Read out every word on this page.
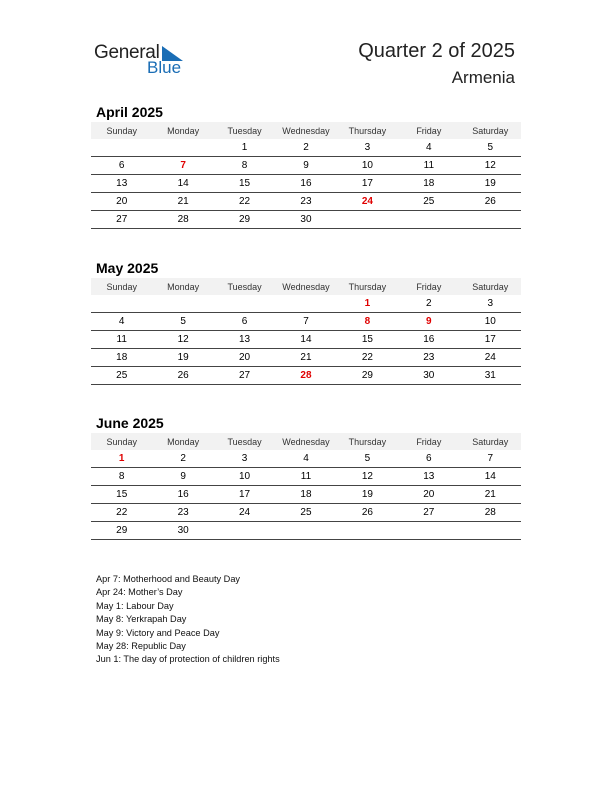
General
Blue
Quarter 2 of 2025
Armenia
April 2025
Sunday	Monday	Tuesday	Wednesday	Thursday	Friday	Saturday
		1	2	3	4	5
6	7	8	9	10	11	12
13	14	15	16	17	18	19
20	21	22	23	24	25	26
27	28	29	30			
May 2025
Sunday	Monday	Tuesday	Wednesday	Thursday	Friday	Saturday
				1	2	3
4	5	6	7	8	9	10
11	12	13	14	15	16	17
18	19	20	21	22	23	24
25	26	27	28	29	30	31
June 2025
Sunday	Monday	Tuesday	Wednesday	Thursday	Friday	Saturday
1	2	3	4	5	6	7
8	9	10	11	12	13	14
15	16	17	18	19	20	21
22	23	24	25	26	27	28
29	30					
Apr 7: Motherhood and Beauty Day
Apr 24: Mother’s Day
May 1: Labour Day
May 8: Yerkrapah Day
May 9: Victory and Peace Day
May 28: Republic Day
Jun 1: The day of protection of children rights
